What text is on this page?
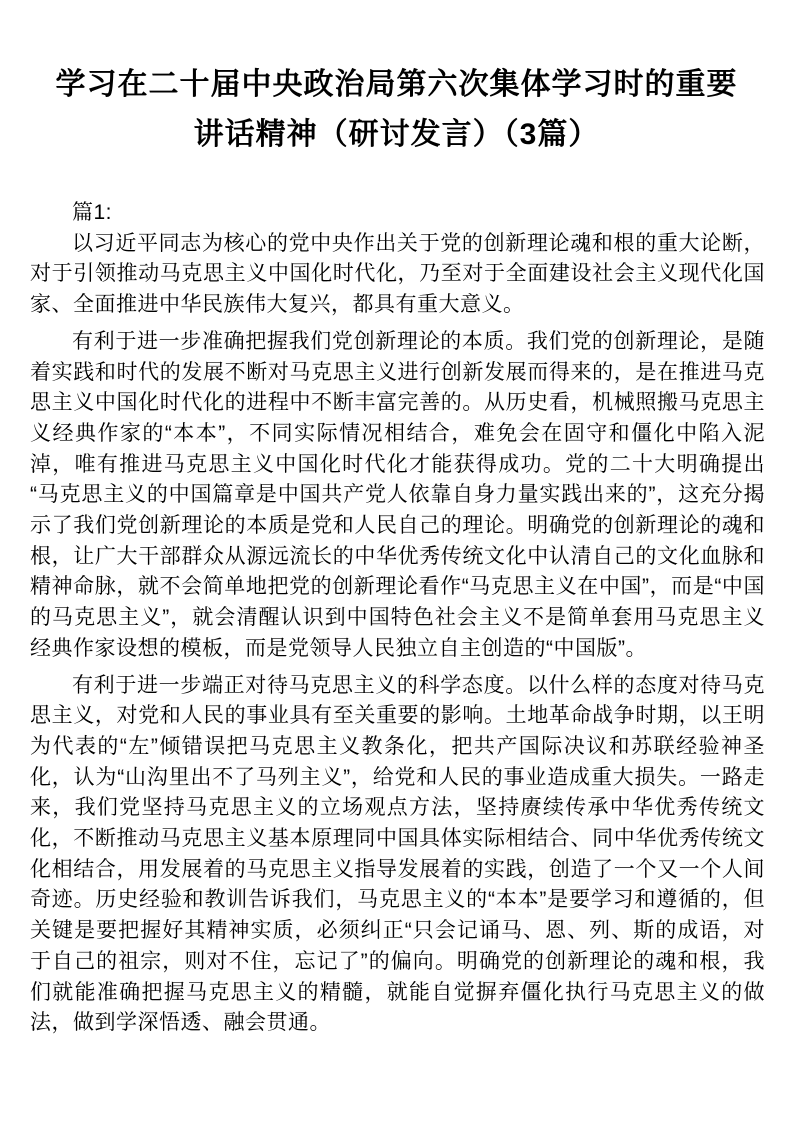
学习在二十届中央政治局第六次集体学习时的重要
讲话精神（研讨发言）（3篇）

篇1:

以习近平同志为核心的党中央作出关于党的创新理论魂和根的重大论断，对于引领推动马克思主义中国化时代化，乃至对于全面建设社会主义现代化国家、全面推进中华民族伟大复兴，都具有重大意义。

有利于进一步准确把握我们党创新理论的本质。我们党的创新理论，是随着实践和时代的发展不断对马克思主义进行创新发展而得来的，是在推进马克思主义中国化时代化的进程中不断丰富完善的。从历史看，机械照搬马克思主义经典作家的“本本”，不同实际情况相结合，难免会在固守和僵化中陷入泥淖，唯有推进马克思主义中国化时代化才能获得成功。党的二十大明确提出“马克思主义的中国篇章是中国共产党人依靠自身力量实践出来的”，这充分揭示了我们党创新理论的本质是党和人民自己的理论。明确党的创新理论的魂和根，让广大干部群众从源远流长的中华优秀传统文化中认清自己的文化血脉和精神命脉，就不会简单地把党的创新理论看作“马克思主义在中国”，而是“中国的马克思主义”，就会清醒认识到中国特色社会主义不是简单套用马克思主义经典作家设想的模板，而是党领导人民独立自主创造的“中国版”。

有利于进一步端正对待马克思主义的科学态度。以什么样的态度对待马克思主义，对党和人民的事业具有至关重要的影响。土地革命战争时期，以王明为代表的“左”倾错误把马克思主义教条化，把共产国际决议和苏联经验神圣化，认为“山沟里出不了马列主义”，给党和人民的事业造成重大损失。一路走来，我们党坚持马克思主义的立场观点方法，坚持赓续传承中华优秀传统文化，不断推动马克思主义基本原理同中国具体实际相结合、同中华优秀传统文化相结合，用发展着的马克思主义指导发展着的实践，创造了一个又一个人间奇迹。历史经验和教训告诉我们，马克思主义的“本本”是要学习和遵循的，但关键是要把握好其精神实质，必须纠正“只会记诵马、恩、列、斯的成语，对于自己的祖宗，则对不住，忘记了”的偏向。明确党的创新理论的魂和根，我们就能准确把握马克思主义的精髓，就能自觉摒弃僵化执行马克思主义的做法，做到学深悟透、融会贯通。
